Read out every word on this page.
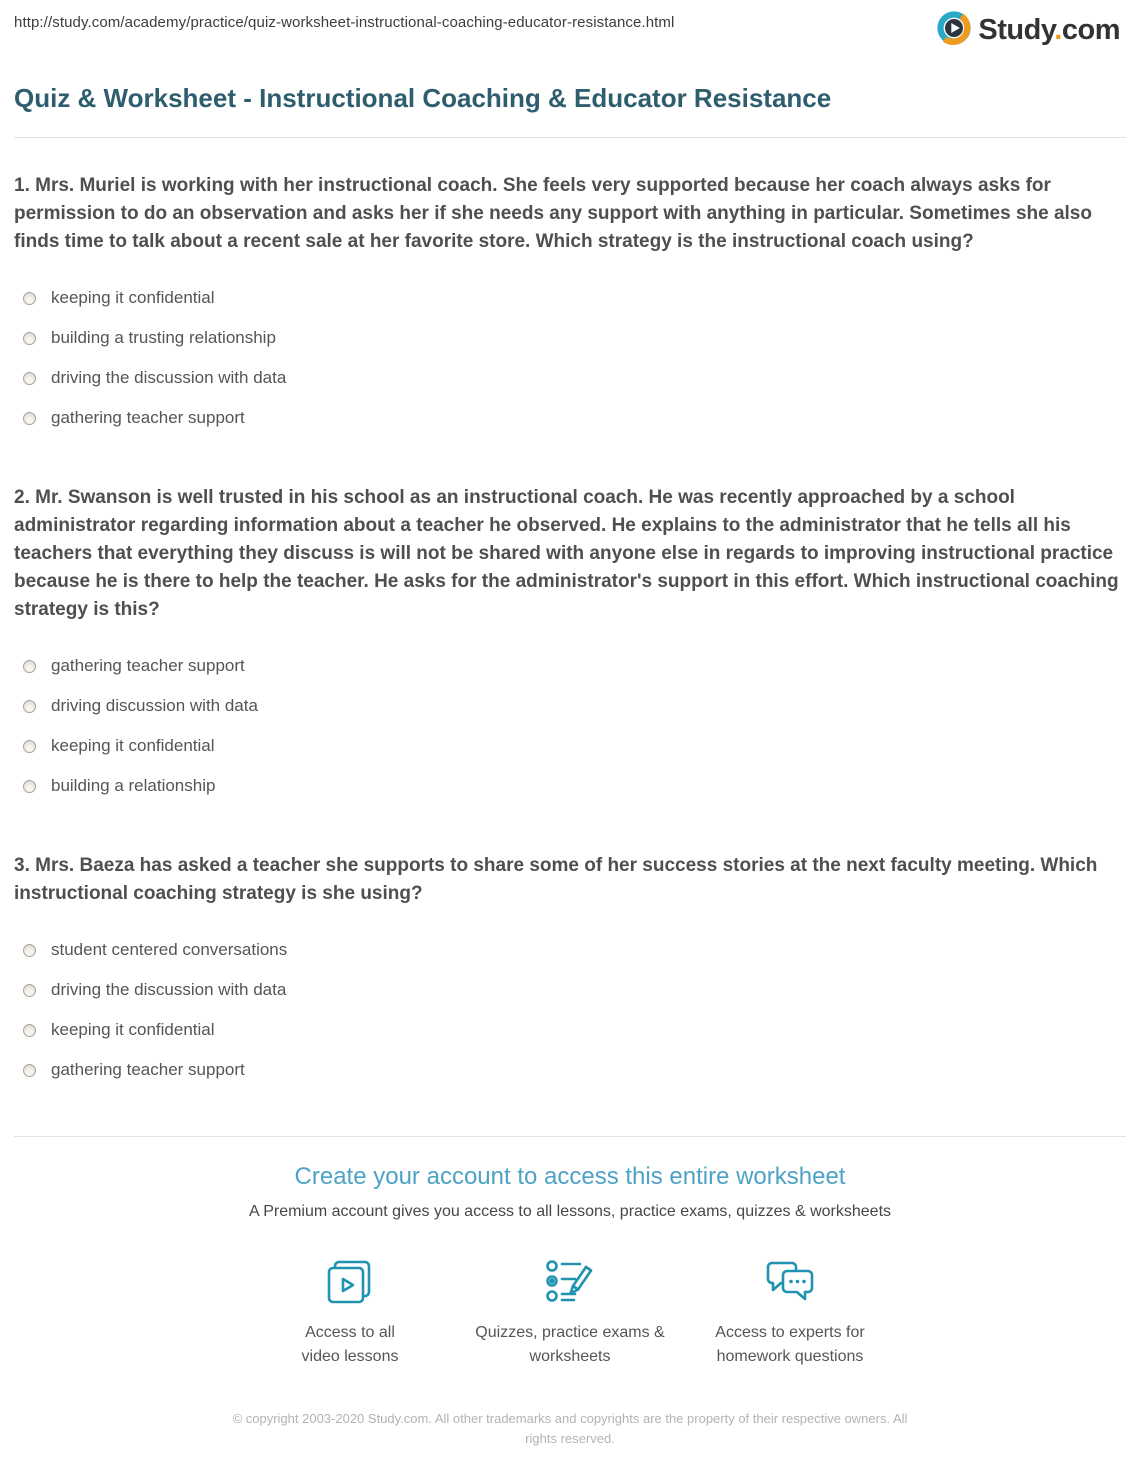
http://study.com/academy/practice/quiz-worksheet-instructional-coaching-educator-resistance.html	Study.com
Quiz & Worksheet - Instructional Coaching & Educator Resistance

1. Mrs. Muriel is working with her instructional coach. She feels very supported because her coach always asks for permission to do an observation and asks her if she needs any support with anything in particular. Sometimes she also finds time to talk about a recent sale at her favorite store. Which strategy is the instructional coach using?

keeping it confidential
building a trusting relationship
driving the discussion with data
gathering teacher support

2. Mr. Swanson is well trusted in his school as an instructional coach. He was recently approached by a school administrator regarding information about a teacher he observed. He explains to the administrator that he tells all his teachers that everything they discuss is will not be shared with anyone else in regards to improving instructional practice because he is there to help the teacher. He asks for the administrator's support in this effort. Which instructional coaching strategy is this?

gathering teacher support
driving discussion with data
keeping it confidential
building a relationship

3. Mrs. Baeza has asked a teacher she supports to share some of her success stories at the next faculty meeting. Which instructional coaching strategy is she using?

student centered conversations
driving the discussion with data
keeping it confidential
gathering teacher support
Create your account to access this entire worksheet

A Premium account gives you access to all lessons, practice exams, quizzes & worksheets

Access to all video lessons
Quizzes, practice exams & worksheets
Access to experts for homework questions
© copyright 2003-2020 Study.com. All other trademarks and copyrights are the property of their respective owners. All rights reserved.
